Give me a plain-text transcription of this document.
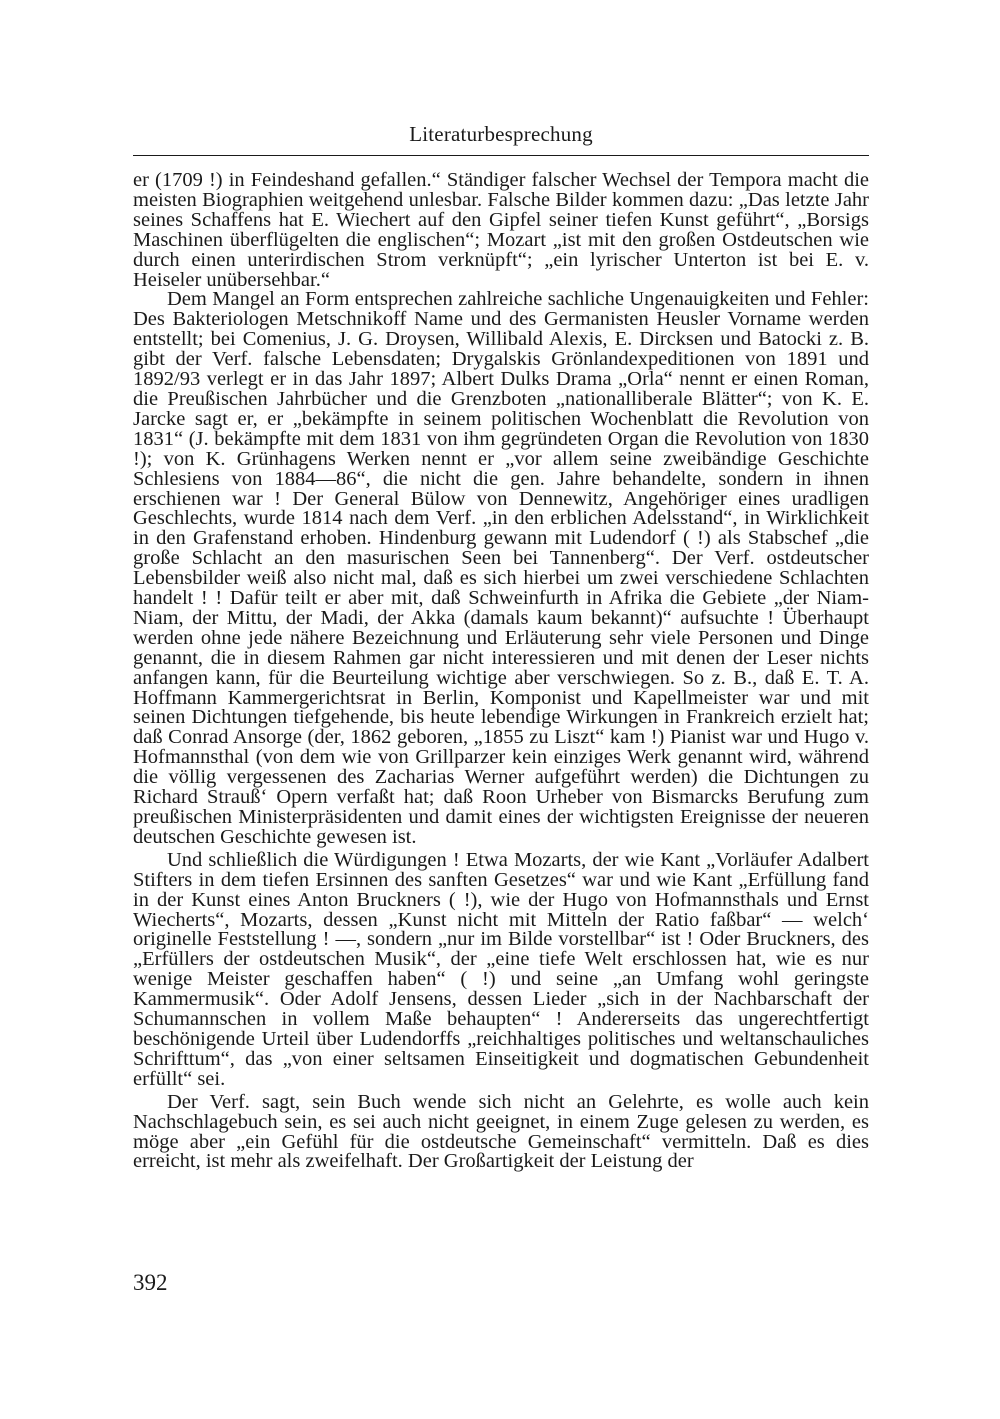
Literaturbesprechung

er (1709 !) in Feindeshand gefallen.“ Ständiger falscher Wechsel der Tempora macht die meisten Biographien weitgehend unlesbar. Falsche Bilder kommen dazu: „Das letzte Jahr seines Schaffens hat E. Wiechert auf den Gipfel seiner tiefen Kunst geführt“, „Borsigs Maschinen überflügelten die englischen“; Mozart „ist mit den großen Ostdeutschen wie durch einen unterirdischen Strom verknüpft“; „ein lyrischer Unterton ist bei E. v. Heiseler unübersehbar.“

Dem Mangel an Form entsprechen zahlreiche sachliche Ungenauigkeiten und Fehler: Des Bakteriologen Metschnikoff Name und des Germanisten Heusler Vorname werden entstellt; bei Comenius, J. G. Droysen, Willibald Alexis, E. Dircksen und Batocki z. B. gibt der Verf. falsche Lebensdaten; Drygalskis Grönlandexpeditionen von 1891 und 1892/93 verlegt er in das Jahr 1897; Albert Dulks Drama „Orla“ nennt er einen Roman, die Preußischen Jahrbücher und die Grenzboten „nationalliberale Blätter“; von K. E. Jarcke sagt er, er „bekämpfte in seinem politischen Wochenblatt die Revolution von 1831“ (J. bekämpfte mit dem 1831 von ihm gegründeten Organ die Revolution von 1830 !); von K. Grünhagens Werken nennt er „vor allem seine zweibändige Geschichte Schlesiens von 1884—86“, die nicht die gen. Jahre behandelte, sondern in ihnen erschienen war ! Der General Bülow von Dennewitz, Angehöriger eines uradligen Geschlechts, wurde 1814 nach dem Verf. „in den erblichen Adelsstand“, in Wirklichkeit in den Grafenstand erhoben. Hindenburg gewann mit Ludendorf ( !) als Stabschef „die große Schlacht an den masurischen Seen bei Tannenberg“. Der Verf. ostdeutscher Lebensbilder weiß also nicht mal, daß es sich hierbei um zwei verschiedene Schlachten handelt ! ! Dafür teilt er aber mit, daß Schweinfurth in Afrika die Gebiete „der Niam-Niam, der Mittu, der Madi, der Akka (damals kaum bekannt)“ aufsuchte ! Überhaupt werden ohne jede nähere Bezeichnung und Erläuterung sehr viele Personen und Dinge genannt, die in diesem Rahmen gar nicht interessieren und mit denen der Leser nichts anfangen kann, für die Beurteilung wichtige aber verschwiegen. So z. B., daß E. T. A. Hoffmann Kammergerichtsrat in Berlin, Komponist und Kapellmeister war und mit seinen Dichtungen tiefgehende, bis heute lebendige Wirkungen in Frankreich erzielt hat; daß Conrad Ansorge (der, 1862 geboren, „1855 zu Liszt“ kam !) Pianist war und Hugo v. Hofmannsthal (von dem wie von Grillparzer kein einziges Werk genannt wird, während die völlig vergessenen des Zacharias Werner aufgeführt werden) die Dichtungen zu Richard Strauß‘ Opern verfaßt hat; daß Roon Urheber von Bismarcks Berufung zum preußischen Ministerpräsidenten und damit eines der wichtigsten Ereignisse der neueren deutschen Geschichte gewesen ist.

Und schließlich die Würdigungen ! Etwa Mozarts, der wie Kant „Vorläufer Adalbert Stifters in dem tiefen Ersinnen des sanften Gesetzes“ war und wie Kant „Erfüllung fand in der Kunst eines Anton Bruckners ( !), wie der Hugo von Hofmannsthals und Ernst Wiecherts“, Mozarts, dessen „Kunst nicht mit Mitteln der Ratio faßbar“ — welch‘ originelle Feststellung ! —, sondern „nur im Bilde vorstellbar“ ist ! Oder Bruckners, des „Erfüllers der ostdeutschen Musik“, der „eine tiefe Welt erschlossen hat, wie es nur wenige Meister geschaffen haben“ ( !) und seine „an Umfang wohl geringste Kammermusik“. Oder Adolf Jensens, dessen Lieder „sich in der Nachbarschaft der Schumannschen in vollem Maße behaupten“ ! Andererseits das ungerechtfertigt beschönigende Urteil über Ludendorffs „reichhaltiges politisches und weltanschauliches Schrifttum“, das „von einer seltsamen Einseitigkeit und dogmatischen Gebundenheit erfüllt“ sei.

Der Verf. sagt, sein Buch wende sich nicht an Gelehrte, es wolle auch kein Nachschlagebuch sein, es sei auch nicht geeignet, in einem Zuge gelesen zu werden, es möge aber „ein Gefühl für die ostdeutsche Gemeinschaft“ vermitteln. Daß es dies erreicht, ist mehr als zweifelhaft. Der Großartigkeit der Leistung der

392
